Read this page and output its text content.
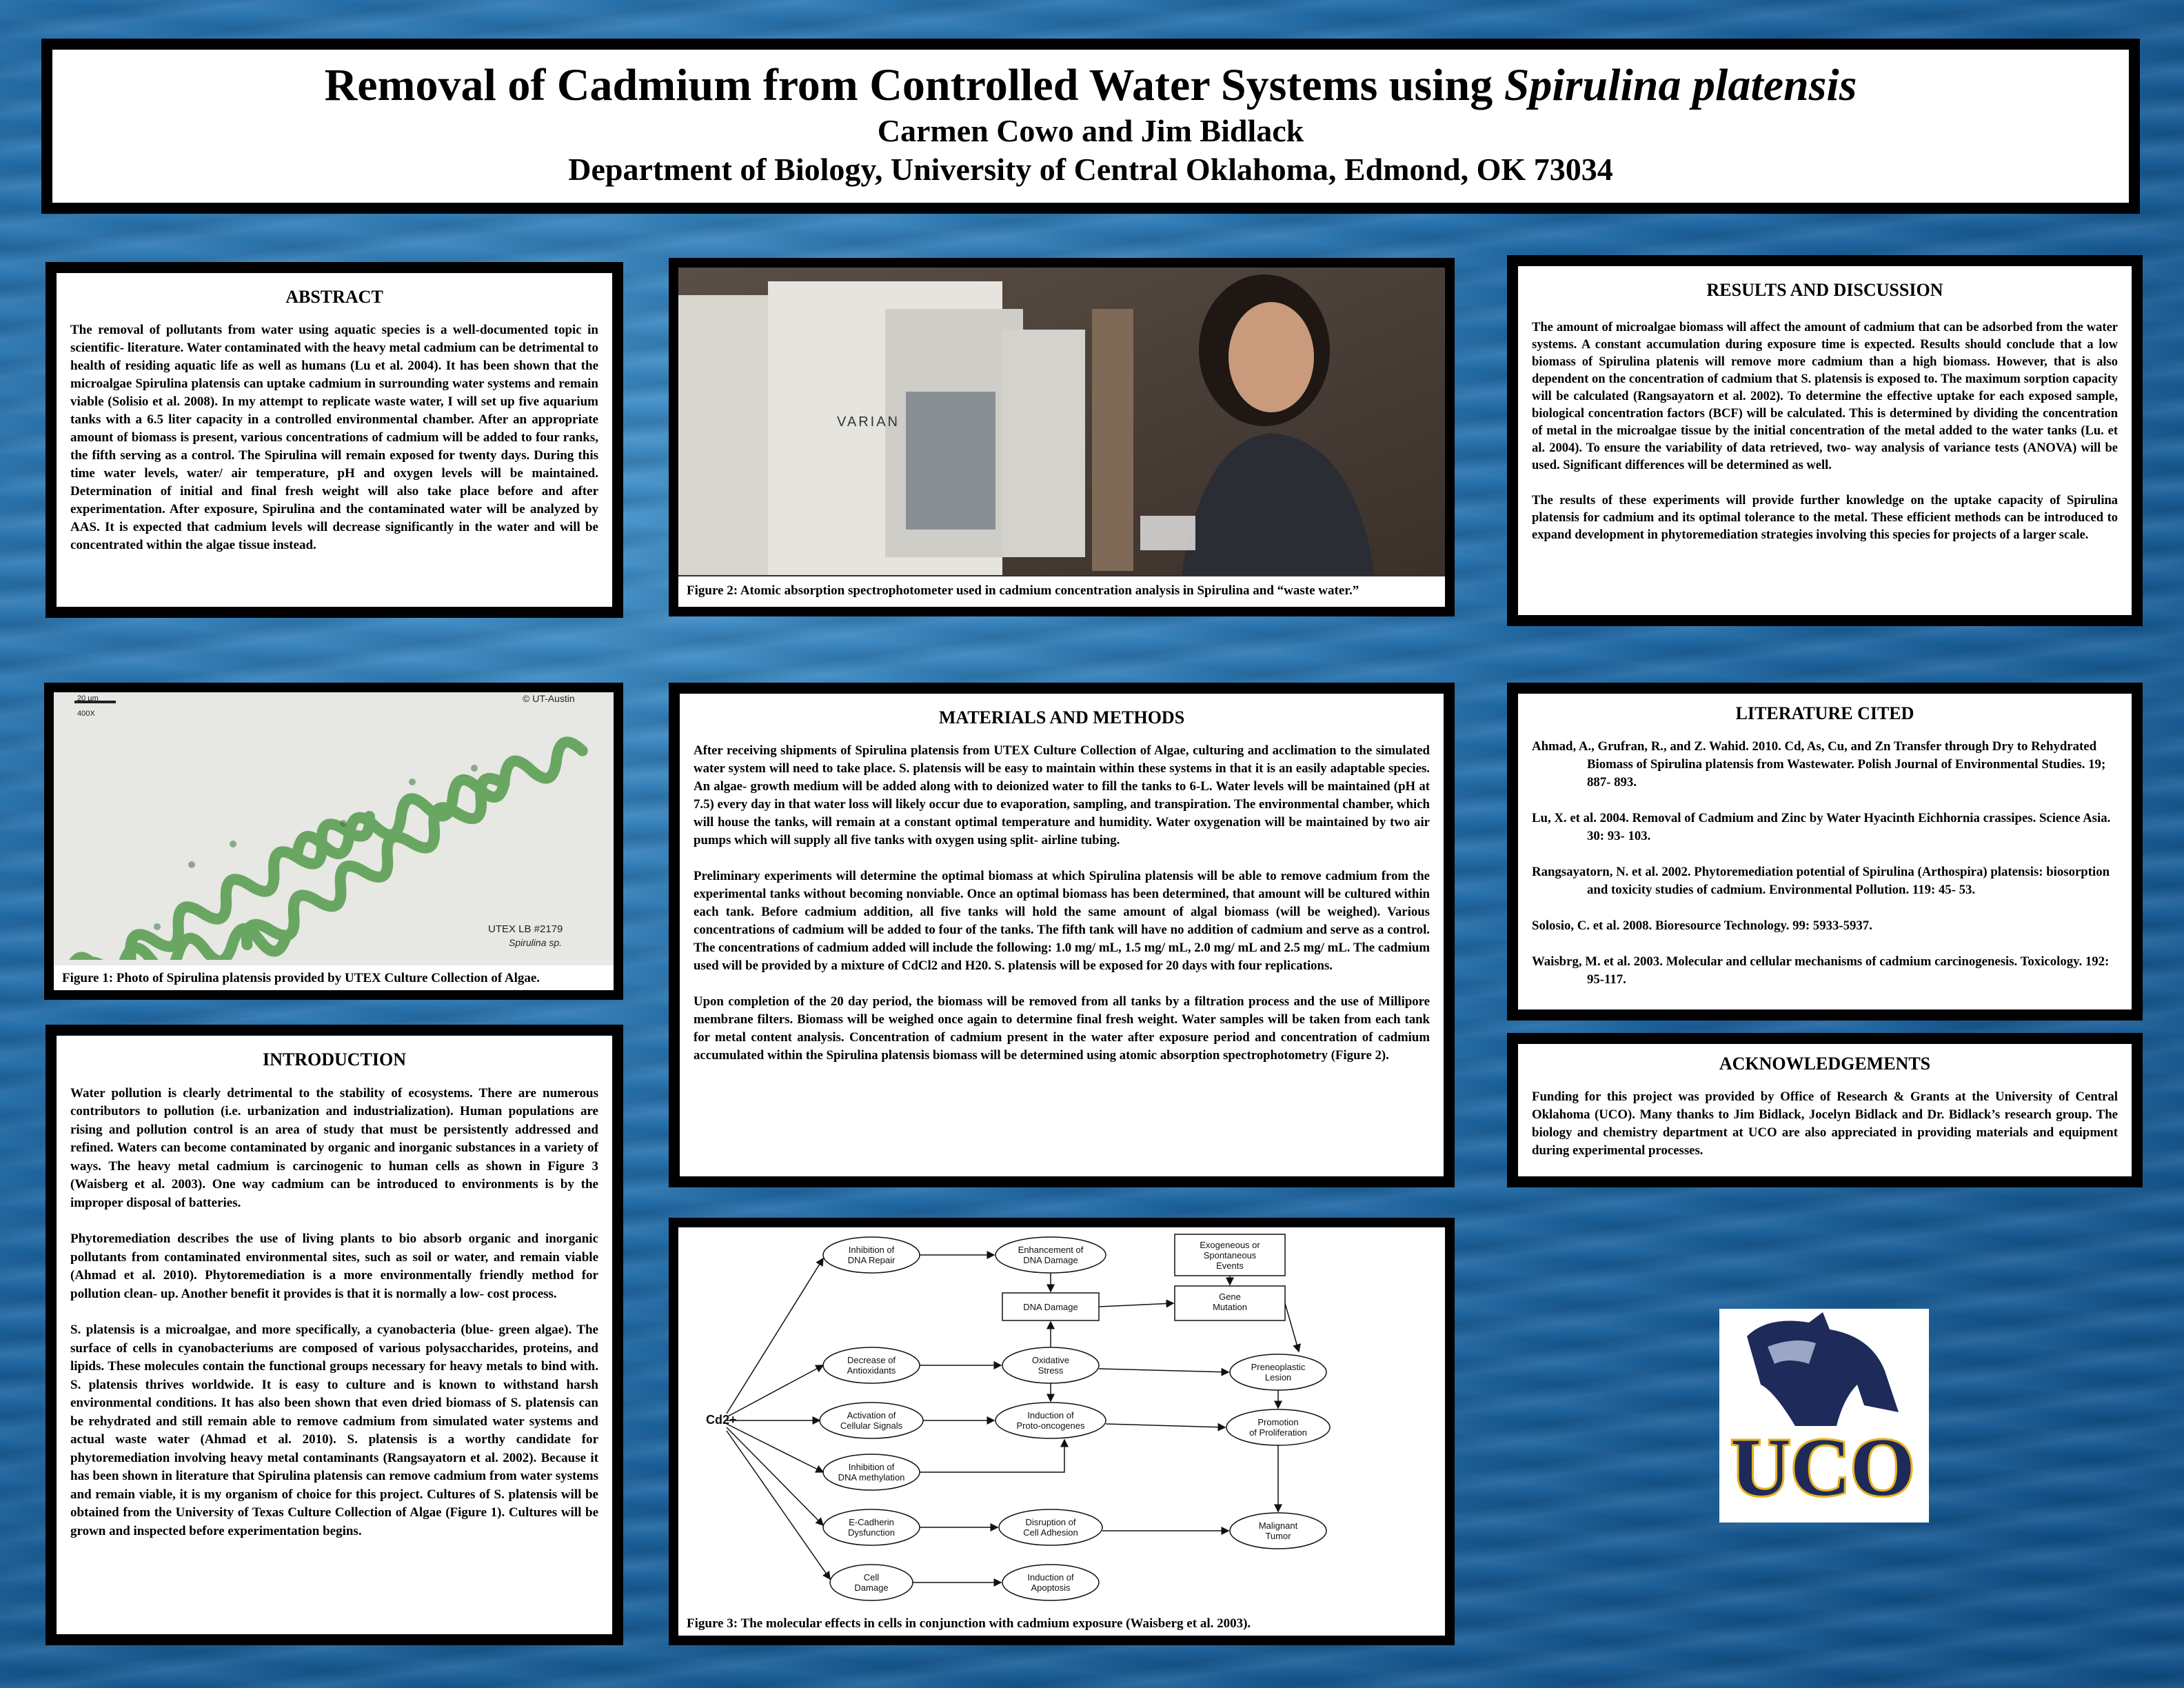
Removal of Cadmium from Controlled Water Systems using Spirulina platensis
Carmen Cowo and Jim Bidlack
Department of Biology, University of Central Oklahoma, Edmond, OK 73034
ABSTRACT
The removal of pollutants from water using aquatic species is a well-documented topic in scientific- literature. Water contaminated with the heavy metal cadmium can be detrimental to health of residing aquatic life as well as humans (Lu et al. 2004). It has been shown that the microalgae Spirulina platensis can uptake cadmium in surrounding water systems and remain viable (Solisio et al. 2008). In my attempt to replicate waste water, I will set up five aquarium tanks with a 6.5 liter capacity in a controlled environmental chamber. After an appropriate amount of biomass is present, various concentrations of cadmium will be added to four ranks, the fifth serving as a control. The Spirulina will remain exposed for twenty days. During this time water levels, water/ air temperature, pH and oxygen levels will be maintained. Determination of initial and final fresh weight will also take place before and after experimentation. After exposure, Spirulina and the contaminated water will be analyzed by AAS. It is expected that cadmium levels will decrease significantly in the water and will be concentrated within the algae tissue instead.
VARIAN
Figure 2: Atomic absorption spectrophotometer used in cadmium concentration analysis in Spirulina and “waste water.”
RESULTS AND DISCUSSION

The amount of microalgae biomass will affect the amount of cadmium that can be adsorbed from the water systems. A constant accumulation during exposure time is expected. Results should conclude that a low biomass of Spirulina platenis will remove more cadmium than a high biomass. However, that is also dependent on the concentration of cadmium that S. platensis is exposed to. The maximum sorption capacity will be calculated (Rangsayatorn et al. 2002). To determine the effective uptake for each exposed sample, biological concentration factors (BCF) will be calculated. This is determined by dividing the concentration of metal in the microalgae tissue by the initial concentration of the metal added to the water tanks (Lu. et al. 2004). To ensure the variability of data retrieved, two- way analysis of variance tests (ANOVA) will be used. Significant differences will be determined as well.

The results of these experiments will provide further knowledge on the uptake capacity of Spirulina platensis for cadmium and its optimal tolerance to the metal. These efficient methods can be introduced to expand development in phytoremediation strategies involving this species for projects of a larger scale.

20 µm
400X
© UT-Austin
UTEX LB #2179
Spirulina sp.
Figure 1: Photo of Spirulina platensis provided by UTEX Culture Collection of Algae.
INTRODUCTION

Water pollution is clearly detrimental to the stability of ecosystems. There are numerous contributors to pollution (i.e. urbanization and industrialization). Human populations are rising and pollution control is an area of study that must be persistently addressed and refined. Waters can become contaminated by organic and inorganic substances in a variety of ways. The heavy metal cadmium is carcinogenic to human cells as shown in Figure 3 (Waisberg et al. 2003). One way cadmium can be introduced to environments is by the improper disposal of batteries.

Phytoremediation describes the use of living plants to bio absorb organic and inorganic pollutants from contaminated environmental sites, such as soil or water, and remain viable (Ahmad et al. 2010). Phytoremediation is a more environmentally friendly method for pollution clean- up. Another benefit it provides is that it is normally a low- cost process.

S. platensis is a microalgae, and more specifically, a cyanobacteria (blue- green algae). The surface of cells in cyanobacteriums are composed of various polysaccharides, proteins, and lipids. These molecules contain the functional groups necessary for heavy metals to bind with. S. platensis thrives worldwide. It is easy to culture and is known to withstand harsh environmental conditions. It has also been shown that even dried biomass of S. platensis can be rehydrated and still remain able to remove cadmium from simulated water systems and actual waste water (Ahmad et al. 2010). S. platensis is a worthy candidate for phytoremediation involving heavy metal contaminants (Rangsayatorn et al. 2002). Because it has been shown in literature that Spirulina platensis can remove cadmium from water systems and remain viable, it is my organism of choice for this project. Cultures of S. platensis will be obtained from the University of Texas Culture Collection of Algae (Figure 1). Cultures will be grown and inspected before experimentation begins.

MATERIALS AND METHODS

After receiving shipments of Spirulina platensis from UTEX Culture Collection of Algae, culturing and acclimation to the simulated water system will need to take place. S. platensis will be easy to maintain within these systems in that it is an easily adaptable species. An algae- growth medium will be added along with to deionized water to fill the tanks to 6-L. Water levels will be maintained (pH at 7.5) every day in that water loss will likely occur due to evaporation, sampling, and transpiration. The environmental chamber, which will house the tanks, will remain at a constant optimal temperature and humidity. Water oxygenation will be maintained by two air pumps which will supply all five tanks with oxygen using split- airline tubing.

Preliminary experiments will determine the optimal biomass at which Spirulina platensis will be able to remove cadmium from the experimental tanks without becoming nonviable. Once an optimal biomass has been determined, that amount will be cultured within each tank. Before cadmium addition, all five tanks will hold the same amount of algal biomass (will be weighed). Various concentrations of cadmium will be added to four of the tanks. The fifth tank will have no addition of cadmium and serve as a control. The concentrations of cadmium added will include the following: 1.0 mg/ mL, 1.5 mg/ mL, 2.0 mg/ mL and 2.5 mg/ mL. The cadmium used will be provided by a mixture of CdCl2 and H20. S. platensis will be exposed for 20 days with four replications.

Upon completion of the 20 day period, the biomass will be removed from all tanks by a filtration process and the use of Millipore membrane filters. Biomass will be weighed once again to determine final fresh weight. Water samples will be taken from each tank for metal content analysis. Concentration of cadmium present in the water after exposure period and concentration of cadmium accumulated within the Spirulina platensis biomass will be determined using atomic absorption spectrophotometry (Figure 2).

Cd2+
Inhibition of
DNA Repair
Enhancement of
DNA Damage
Exogeneous or
Spontaneous
Events
DNA Damage
Gene
Mutation
Decrease of
Antioxidants
Oxidative
Stress	Preneoplastic
Lesion
Activation of
Cellular Signals
Induction of
Proto-oncogenes	Promotion
of Proliferation
Inhibition of
DNA methylation
E-Cadherin
Dysfunction
Disruption of
Cell Adhesion
Malignant
Tumor
Cell
Damage
Induction of
Apoptosis
Figure 3: The molecular effects in cells in conjunction with cadmium exposure (Waisberg et al. 2003).
LITERATURE CITED

Ahmad, A., Grufran, R., and Z. Wahid. 2010. Cd, As, Cu, and Zn Transfer through Dry to Rehydrated Biomass of Spirulina platensis from Wastewater. Polish Journal of Environmental Studies. 19; 887- 893.

Lu, X. et al. 2004. Removal of Cadmium and Zinc by Water Hyacinth Eichhornia crassipes. Science Asia. 30: 93- 103.

Rangsayatorn, N. et al. 2002. Phytoremediation potential of Spirulina (Arthospira) platensis: biosorption and toxicity studies of cadmium. Environmental Pollution. 119: 45- 53.

Solosio, C. et al. 2008. Bioresource Technology. 99: 5933-5937.

Waisbrg, M. et al. 2003. Molecular and cellular mechanisms of cadmium carcinogenesis. Toxicology. 192: 95-117.

ACKNOWLEDGEMENTS
Funding for this project was provided by Office of Research & Grants at the University of Central Oklahoma (UCO). Many thanks to Jim Bidlack, Jocelyn Bidlack and Dr. Bidlack’s research group. The biology and chemistry department at UCO are also appreciated in providing materials and equipment during experimental processes.
UCO
